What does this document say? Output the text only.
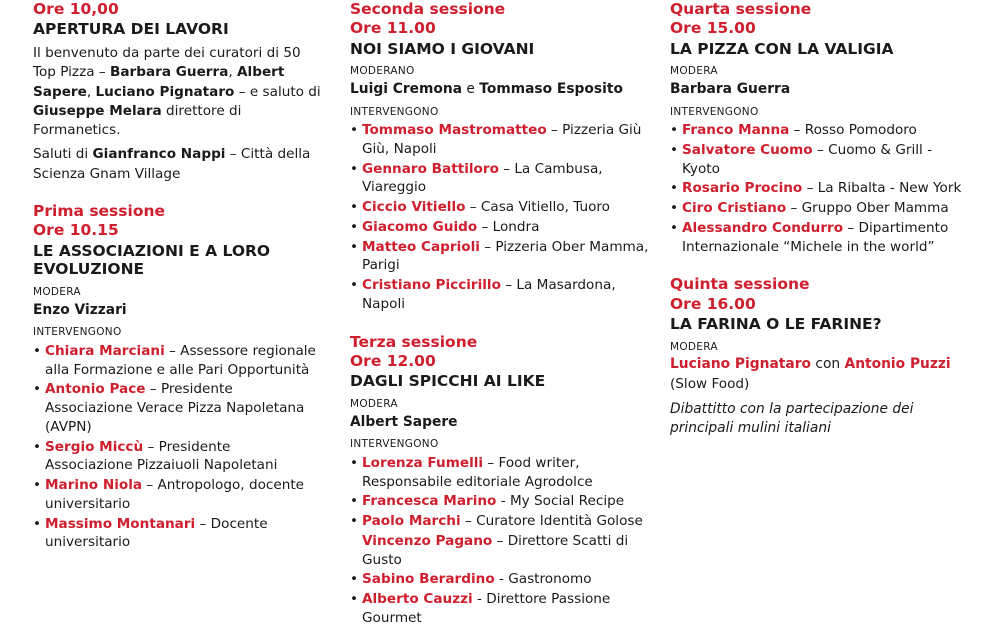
Ore 10,00
APERTURA DEI LAVORI

Il benvenuto da parte dei curatori di 50 Top Pizza – Barbara Guerra, Albert Sapere, Luciano Pignataro – e saluto di Giuseppe Melara direttore di Formanetics.

Saluti di Gianfranco Nappi – Città della Scienza Gnam Village

Prima sessione
Ore 10.15
LE ASSOCIAZIONI E A LORO EVOLUZIONE
MODERA
Enzo Vizzari
INTERVENGONO
• Chiara Marciani – Assessore regionale alla Formazione e alle Pari Opportunità
• Antonio Pace – Presidente Associazione Verace Pizza Napoletana (AVPN)
• Sergio Miccù – Presidente Associazione Pizzaiuoli Napoletani
• Marino Niola – Antropologo, docente universitario
• Massimo Montanari – Docente universitario
Seconda sessione
Ore 11.00
NOI SIAMO I GIOVANI
MODERANO
Luigi Cremona e Tommaso Esposito
INTERVENGONO
• Tommaso Mastromatteo – Pizzeria Giù Giù, Napoli
• Gennaro Battiloro – La Cambusa, Viareggio
• Ciccio Vitiello – Casa Vitiello, Tuoro
• Giacomo Guido – Londra
• Matteo Caprioli – Pizzeria Ober Mamma, Parigi
• Cristiano Piccirillo – La Masardona, Napoli
Terza sessione
Ore 12.00
DAGLI SPICCHI AI LIKE
MODERA
Albert Sapere
INTERVENGONO
• Lorenza Fumelli – Food writer, Responsabile editoriale Agrodolce
• Francesca Marino - My Social Recipe
• Paolo Marchi – Curatore Identità Golose
Vincenzo Pagano – Direttore Scatti di Gusto
• Sabino Berardino - Gastronomo
• Alberto Cauzzi - Direttore Passione Gourmet
Quarta sessione
Ore 15.00
LA PIZZA CON LA VALIGIA
MODERA
Barbara Guerra
INTERVENGONO
• Franco Manna – Rosso Pomodoro
• Salvatore Cuomo – Cuomo & Grill - Kyoto
• Rosario Procino – La Ribalta - New York
• Ciro Cristiano – Gruppo Ober Mamma
• Alessandro Condurro – Dipartimento Internazionale “Michele in the world”
Quinta sessione
Ore 16.00
LA FARINA O LE FARINE?
MODERA
Luciano Pignataro con Antonio Puzzi
(Slow Food)
Dibattitto con la partecipazione dei principali mulini italiani
